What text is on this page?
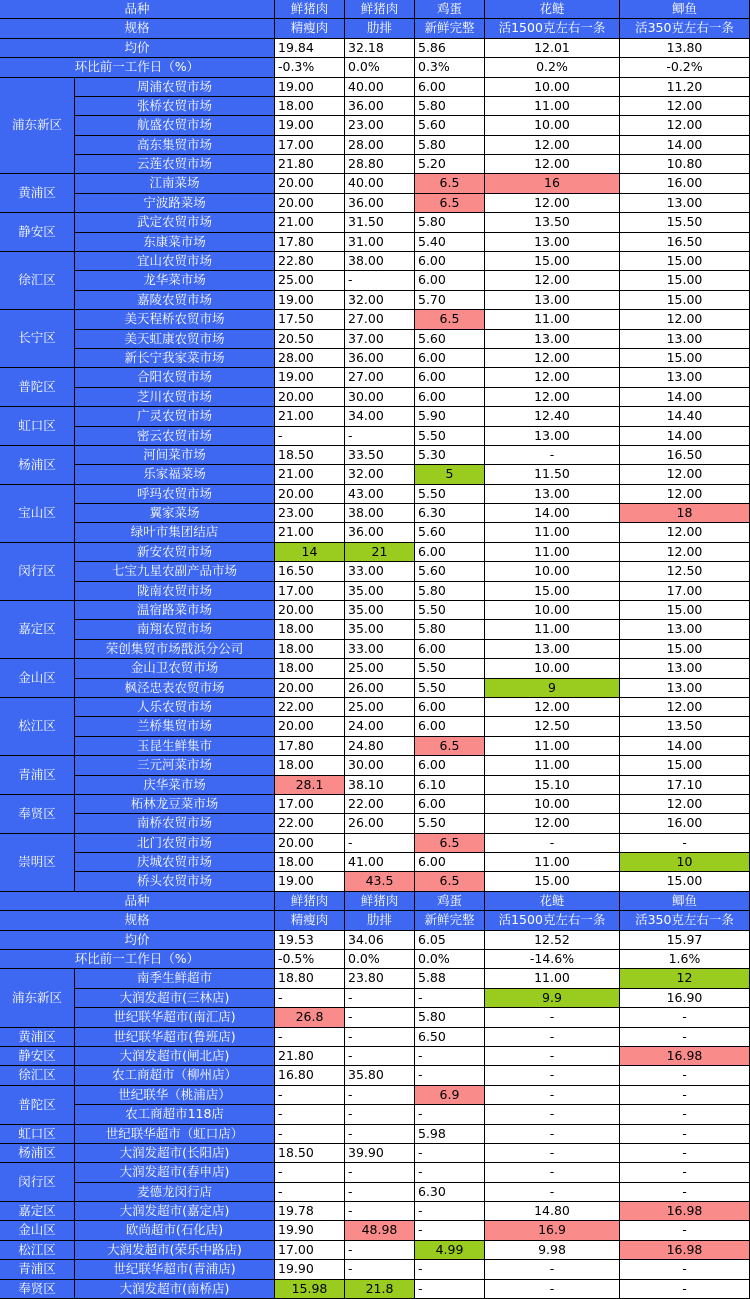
品种	鲜猪肉	鲜猪肉	鸡蛋	花鲢	鲫鱼
规格	精瘦肉	肋排	新鲜完整	活1500克左右一条	活350克左右一条
均价	19.84	32.18	5.86	12.01	13.80
环比前一工作日（%）	-0.3%	0.0%	0.3%	0.2%	-0.2%
浦东新区
周浦农贸市场	19.00	40.00	6.00	10.00	11.20
张桥农贸市场	18.00	36.00	5.80	11.00	12.00
航盛农贸市场	19.00	23.00	5.60	10.00	12.00
高东集贸市场	17.00	28.00	5.80	12.00	14.00
云莲农贸市场	21.80	28.80	5.20	12.00	10.80
黄浦区
江南菜场	20.00	40.00	6.5	16	16.00
宁波路菜场	20.00	36.00	6.5	12.00	13.00
静安区
武定农贸市场	21.00	31.50	5.80	13.50	15.50
东康菜市场	17.80	31.00	5.40	13.00	16.50
徐汇区
宜山农贸市场	22.80	38.00	6.00	15.00	15.00
龙华菜市场	25.00	-	6.00	12.00	15.00
嘉陵农贸市场	19.00	32.00	5.70	13.00	15.00
长宁区
美天程桥农贸市场	17.50	27.00	6.5	11.00	12.00
美天虹康农贸市场	20.50	37.00	5.60	13.00	13.00
新长宁我家菜市场	28.00	36.00	6.00	12.00	15.00
普陀区
合阳农贸市场	19.00	27.00	6.00	12.00	13.00
芝川农贸市场	20.00	30.00	6.00	12.00	14.00
虹口区
广灵农贸市场	21.00	34.00	5.90	12.40	14.40
密云农贸市场	-	-	5.50	13.00	14.00
杨浦区
河间菜市场	18.50	33.50	5.30	-	16.50
乐家福菜场	21.00	32.00	5	11.50	12.00
宝山区
呼玛农贸市场	20.00	43.00	5.50	13.00	12.00
翼家菜场	23.00	38.00	6.30	14.00	18
绿叶市集团结店	21.00	36.00	5.60	11.00	12.00
闵行区
新安农贸市场	14	21	6.00	11.00	12.00
七宝九星农副产品市场	16.50	33.00	5.60	10.00	12.50
陇南农贸市场	17.00	35.00	5.80	15.00	17.00
嘉定区
温宿路菜市场	20.00	35.00	5.50	10.00	15.00
南翔农贸市场	18.00	35.00	5.80	11.00	13.00
荣创集贸市场戬浜分公司	18.00	33.00	6.00	13.00	15.00
金山区
金山卫农贸市场	18.00	25.00	5.50	10.00	13.00
枫泾忠表农贸市场	20.00	26.00	5.50	9	13.00
松江区
人乐农贸市场	22.00	25.00	6.00	12.00	12.00
兰桥集贸市场	20.00	24.00	6.00	12.50	13.50
玉昆生鲜集市	17.80	24.80	6.5	11.00	14.00
青浦区
三元河菜市场	18.00	30.00	6.00	11.00	15.00
庆华菜市场	28.1	38.10	6.10	15.10	17.10
奉贤区
柘林龙豆菜市场	17.00	22.00	6.00	10.00	12.00
南桥农贸市场	22.00	26.00	5.50	12.00	16.00
崇明区
北门农贸市场	20.00	-	6.5	-	-
庆城农贸市场	18.00	41.00	6.00	11.00	10
桥头农贸市场	19.00	43.5	6.5	15.00	15.00
品种	鲜猪肉	鲜猪肉	鸡蛋	花鲢	鲫鱼
规格	精瘦肉	肋排	新鲜完整	活1500克左右一条	活350克左右一条
均价	19.53	34.06	6.05	12.52	15.97
环比前一工作日（%）	-0.5%	0.0%	0.0%	-14.6%	1.6%
浦东新区
南季生鲜超市	18.80	23.80	5.88	11.00	12
大润发超市(三林店)	-	-	-	9.9	16.90
世纪联华超市(南汇店)	26.8	-	5.80	-	-
黄浦区	世纪联华超市(鲁班店)	-	-	6.50	-	-
静安区	大润发超市(闸北店)	21.80	-	-	-	16.98
徐汇区	农工商超市（柳州店）	16.80	35.80	-	-	-
普陀区
世纪联华（桃浦店）	-	-	6.9	-	-
农工商超市118店	-	-	-	-	-
虹口区	世纪联华超市（虹口店）	-	-	5.98	-	-
杨浦区	大润发超市(长阳店)	18.50	39.90	-	-	-
闵行区
大润发超市(春申店)	-	-	-	-	-
麦德龙闵行店	-	-	6.30	-	-
嘉定区	大润发超市(嘉定店)	19.78	-	-	14.80	16.98
金山区	欧尚超市(石化店)	19.90	48.98	-	16.9	-
松江区	大润发超市(荣乐中路店)	17.00	-	4.99	9.98	16.98
青浦区	世纪联华超市(青浦店)	19.90	-	-	-	-
奉贤区	大润发超市(南桥店)	15.98	21.8	-	-	-
